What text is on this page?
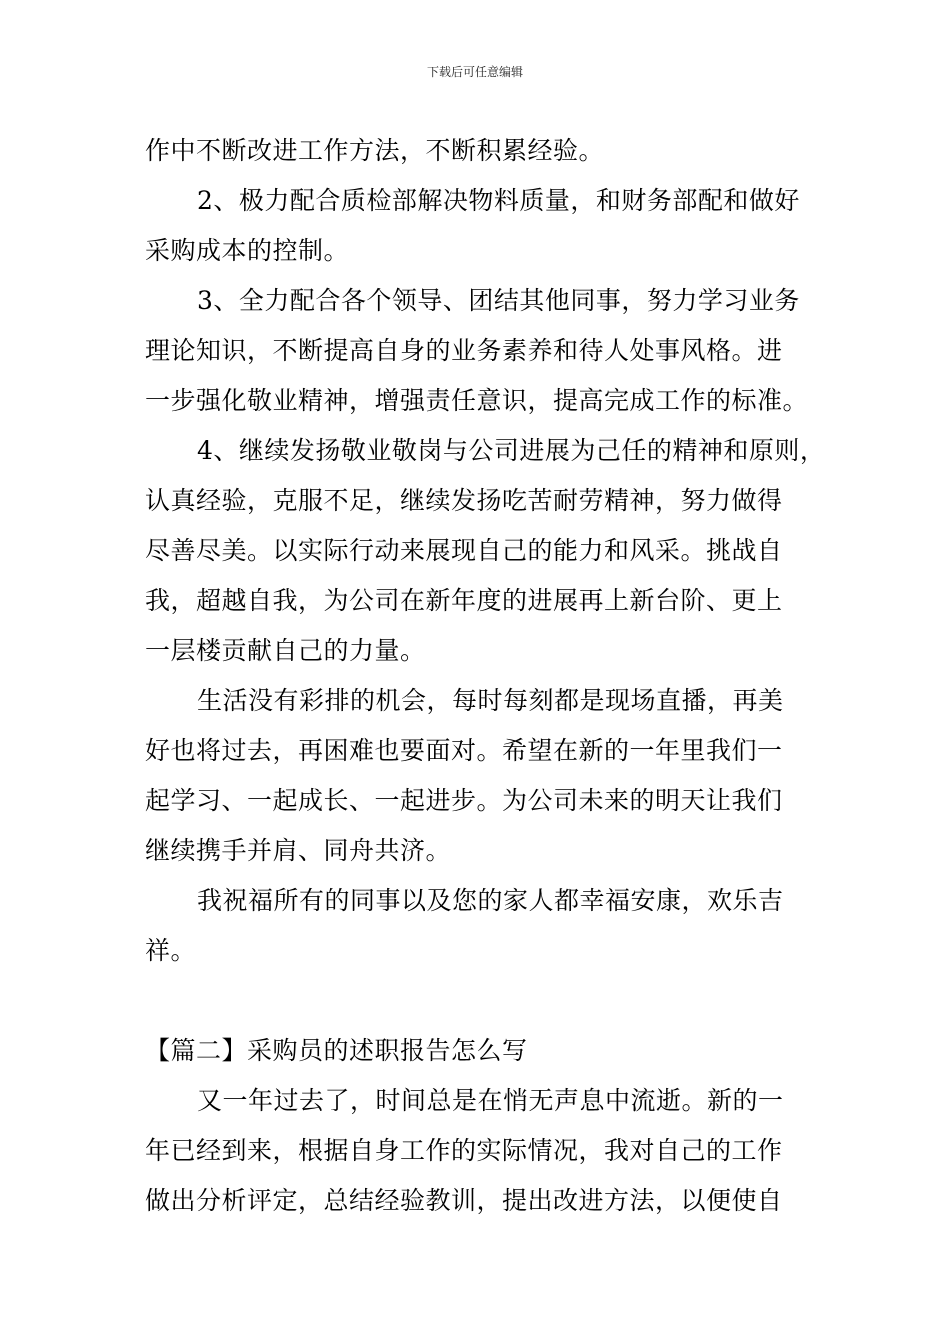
下载后可任意编辑
作中不断改进工作方法，不断积累经验。
2、极力配合质检部解决物料质量，和财务部配和做好
采购成本的控制。
3、全力配合各个领导、团结其他同事，努力学习业务
理论知识，不断提高自身的业务素养和待人处事风格。进
一步强化敬业精神，增强责任意识，提高完成工作的标准。
4、继续发扬敬业敬岗与公司进展为己任的精神和原则，
认真经验，克服不足，继续发扬吃苦耐劳精神，努力做得
尽善尽美。以实际行动来展现自己的能力和风采。挑战自
我，超越自我，为公司在新年度的进展再上新台阶、更上
一层楼贡献自己的力量。
生活没有彩排的机会，每时每刻都是现场直播，再美
好也将过去，再困难也要面对。希望在新的一年里我们一
起学习、一起成长、一起进步。为公司未来的明天让我们
继续携手并肩、同舟共济。
我祝福所有的同事以及您的家人都幸福安康，欢乐吉
祥。
【篇二】采购员的述职报告怎么写
又一年过去了，时间总是在悄无声息中流逝。新的一
年已经到来，根据自身工作的实际情况，我对自己的工作
做出分析评定，总结经验教训，提出改进方法，以便使自
